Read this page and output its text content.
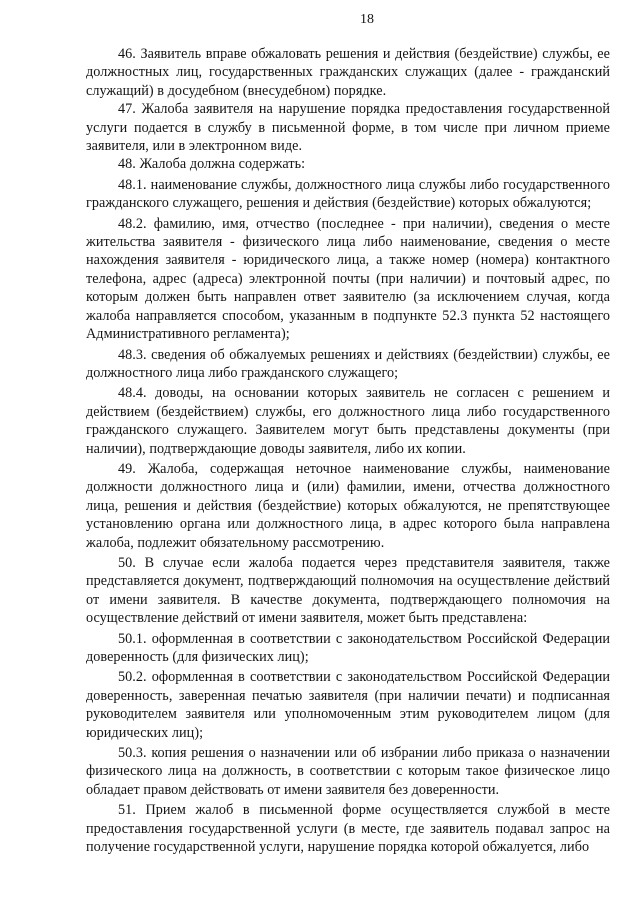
18

46. Заявитель вправе обжаловать решения и действия (бездействие) службы, ее должностных лиц, государственных гражданских служащих (далее - гражданский служащий) в досудебном (внесудебном) порядке.

47. Жалоба заявителя на нарушение порядка предоставления государственной услуги подается в службу в письменной форме, в том числе при личном приеме заявителя, или в электронном виде.

48. Жалоба должна содержать:

48.1. наименование службы, должностного лица службы либо государственного гражданского служащего, решения и действия (бездействие) которых обжалуются;

48.2. фамилию, имя, отчество (последнее - при наличии), сведения о месте жительства заявителя - физического лица либо наименование, сведения о месте нахождения заявителя - юридического лица, а также номер (номера) контактного телефона, адрес (адреса) электронной почты (при наличии) и почтовый адрес, по которым должен быть направлен ответ заявителю (за исключением случая, когда жалоба направляется способом, указанным в подпункте 52.3 пункта 52 настоящего Административного регламента);

48.3. сведения об обжалуемых решениях и действиях (бездействии) службы, ее должностного лица либо гражданского служащего;

48.4. доводы, на основании которых заявитель не согласен с решением и действием (бездействием) службы, его должностного лица либо государственного гражданского служащего. Заявителем могут быть представлены документы (при наличии), подтверждающие доводы заявителя, либо их копии.

49. Жалоба, содержащая неточное наименование службы, наименование должности должностного лица и (или) фамилии, имени, отчества должностного лица, решения и действия (бездействие) которых обжалуются, не препятствующее установлению органа или должностного лица, в адрес которого была направлена жалоба, подлежит обязательному рассмотрению.

50. В случае если жалоба подается через представителя заявителя, также представляется документ, подтверждающий полномочия на осуществление действий от имени заявителя. В качестве документа, подтверждающего полномочия на осуществление действий от имени заявителя, может быть представлена:

50.1. оформленная в соответствии с законодательством Российской Федерации доверенность (для физических лиц);

50.2. оформленная в соответствии с законодательством Российской Федерации доверенность, заверенная печатью заявителя (при наличии печати) и подписанная руководителем заявителя или уполномоченным этим руководителем лицом (для юридических лиц);

50.3. копия решения о назначении или об избрании либо приказа о назначении физического лица на должность, в соответствии с которым такое физическое лицо обладает правом действовать от имени заявителя без доверенности.

51. Прием жалоб в письменной форме осуществляется службой в месте предоставления государственной услуги (в месте, где заявитель подавал запрос на получение государственной услуги, нарушение порядка которой обжалуется, либо
